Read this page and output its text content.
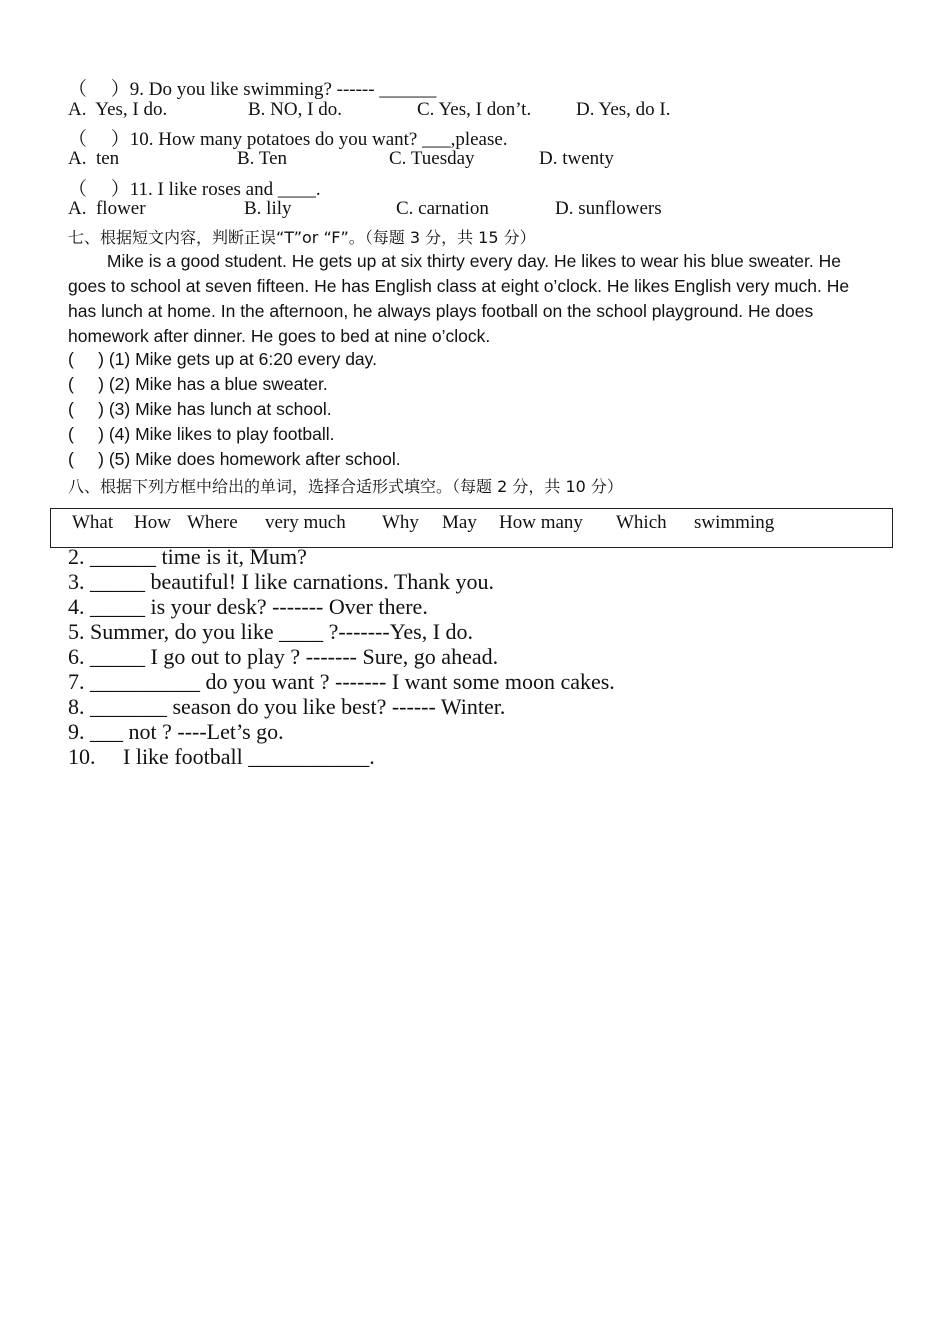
（     ）9. Do you like swimming? ------ ______

A.  Yes, I do.

	B. NO, I do.

	C. Yes, I don’t.

D. Yes, do I.

（     ）10. How many potatoes do you want? ___,please.

A.  ten

	B. Ten

	C. Tuesday

	D. twenty

（     ）11. I like roses and ____.

A.  flower

	B. lily

	C. carnation

	D. sunflowers

七、根据短文内容，判断正误“T”or “F”。（每题 3 分，共 15 分）
Mike is a good student. He gets up at six thirty every day. He likes to wear his blue sweater. He goes to school at seven fifteen. He has English class at eight o’clock. He likes English very much. He has lunch at home. In the afternoon, he always plays football on the school playground. He does homework after dinner. He goes to bed at nine o’clock.
(     ) (1) Mike gets up at 6:20 every day.
(     ) (2) Mike has a blue sweater.
(     ) (3) Mike has lunch at school.
(     ) (4) Mike likes to play football.
(     ) (5) Mike does homework after school.
八、根据下列方框中给出的单词，选择合适形式填空。（每题 2 分，共 10 分）
What How Where very much Why May How many Which swimming
2. ______ time is it, Mum?
3. _____ beautiful! I like carnations. Thank you.
4. _____ is your desk? ------- Over there.
5. Summer, do you like ____ ?-------Yes, I do.
6. _____ I go out to play ? ------- Sure, go ahead.
7. __________ do you want ? ------- I want some moon cakes.
8. _______ season do you like best? ------ Winter.
9. ___ not ? ----Let’s go.
10.     I like football ___________.
